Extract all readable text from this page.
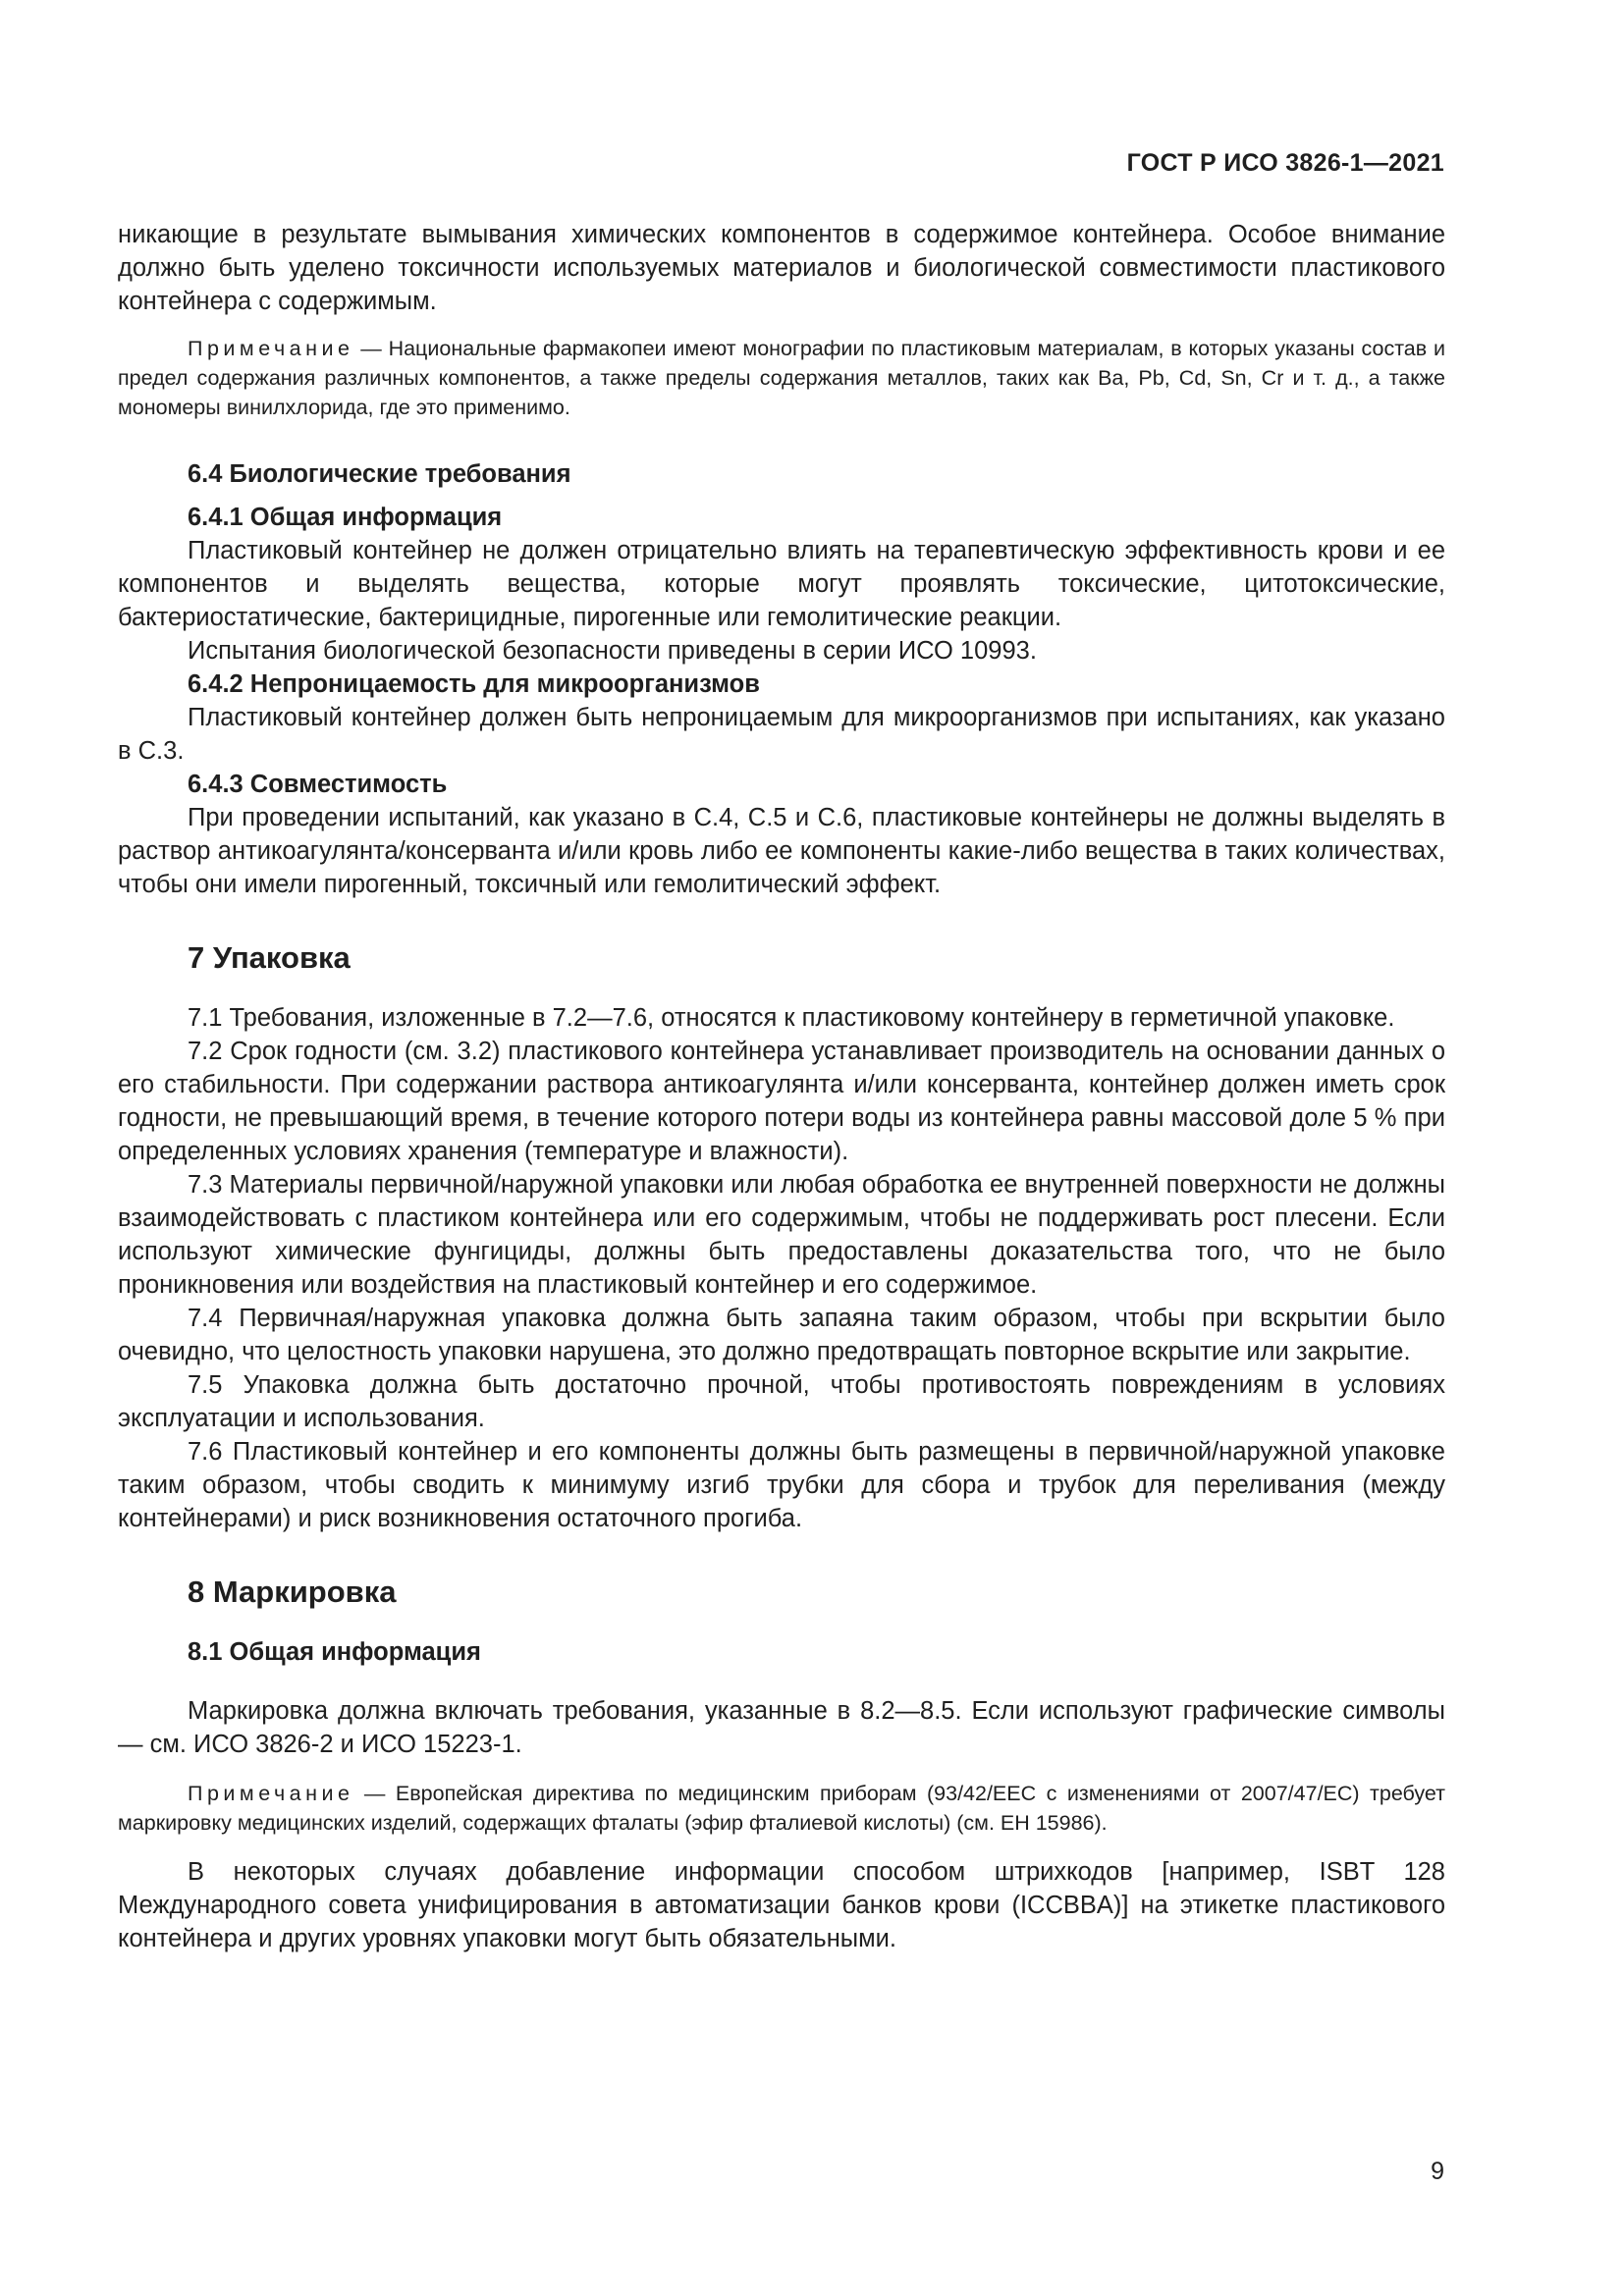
ГОСТ Р ИСО 3826-1—2021

никающие в результате вымывания химических компонентов в содержимое контейнера. Особое внимание должно быть уделено токсичности используемых материалов и биологической совместимости пластикового контейнера с содержимым.

Примечание — Национальные фармакопеи имеют монографии по пластиковым материалам, в которых указаны состав и предел содержания различных компонентов, а также пределы содержания металлов, таких как Ba, Pb, Cd, Sn, Cr и т. д., а также мономеры винилхлорида, где это применимо.

6.4 Биологические требования
6.4.1 Общая информация

Пластиковый контейнер не должен отрицательно влиять на терапевтическую эффективность крови и ее компонентов и выделять вещества, которые могут проявлять токсические, цитотоксические, бактериостатические, бактерицидные, пирогенные или гемолитические реакции.

Испытания биологической безопасности приведены в серии ИСО 10993.

6.4.2 Непроницаемость для микроорганизмов

Пластиковый контейнер должен быть непроницаемым для микроорганизмов при испытаниях, как указано в С.3.

6.4.3 Совместимость

При проведении испытаний, как указано в С.4, С.5 и С.6, пластиковые контейнеры не должны выделять в раствор антикоагулянта/консерванта и/или кровь либо ее компоненты какие-либо вещества в таких количествах, чтобы они имели пирогенный, токсичный или гемолитический эффект.

7 Упаковка

7.1 Требования, изложенные в 7.2—7.6, относятся к пластиковому контейнеру в герметичной упаковке.

7.2 Срок годности (см. 3.2) пластикового контейнера устанавливает производитель на основании данных о его стабильности. При содержании раствора антикоагулянта и/или консерванта, контейнер должен иметь срок годности, не превышающий время, в течение которого потери воды из контейнера равны массовой доле 5 % при определенных условиях хранения (температуре и влажности).

7.3 Материалы первичной/наружной упаковки или любая обработка ее внутренней поверхности не должны взаимодействовать с пластиком контейнера или его содержимым, чтобы не поддерживать рост плесени. Если используют химические фунгициды, должны быть предоставлены доказательства того, что не было проникновения или воздействия на пластиковый контейнер и его содержимое.

7.4 Первичная/наружная упаковка должна быть запаяна таким образом, чтобы при вскрытии было очевидно, что целостность упаковки нарушена, это должно предотвращать повторное вскрытие или закрытие.

7.5 Упаковка должна быть достаточно прочной, чтобы противостоять повреждениям в условиях эксплуатации и использования.

7.6 Пластиковый контейнер и его компоненты должны быть размещены в первичной/наружной упаковке таким образом, чтобы сводить к минимуму изгиб трубки для сбора и трубок для переливания (между контейнерами) и риск возникновения остаточного прогиба.

8 Маркировка
8.1 Общая информация

Маркировка должна включать требования, указанные в 8.2—8.5. Если используют графические символы — см. ИСО 3826-2 и ИСО 15223-1.

Примечание — Европейская директива по медицинским приборам (93/42/ЕЕС с изменениями от 2007/47/ЕС) требует маркировку медицинских изделий, содержащих фталаты (эфир фталиевой кислоты) (см. ЕН 15986).

В некоторых случаях добавление информации способом штрихкодов [например, ISBT 128 Международного совета унифицирования в автоматизации банков крови (ICCBBA)] на этикетке пластикового контейнера и других уровнях упаковки могут быть обязательными.

9
